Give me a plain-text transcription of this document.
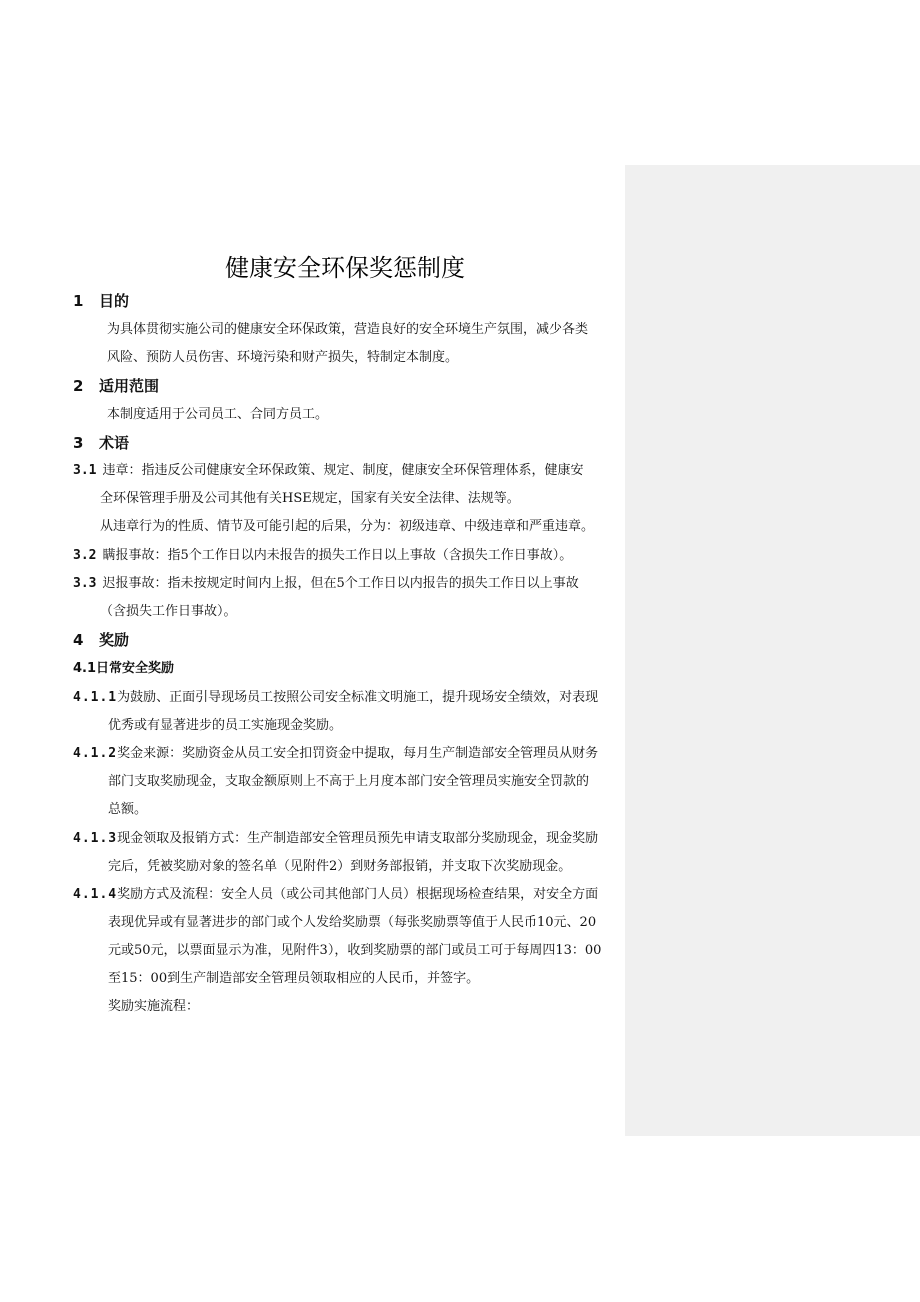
健康安全环保奖惩制度
1 目的
为具体贯彻实施公司的健康安全环保政策，营造良好的安全环境生产氛围，减少各类
风险、预防人员伤害、环境污染和财产损失，特制定本制度。
2 适用范围
本制度适用于公司员工、合同方员工。
3 术语
3.1 违章：指违反公司健康安全环保政策、规定、制度，健康安全环保管理体系，健康安
全环保管理手册及公司其他有关HSE规定，国家有关安全法律、法规等。
从违章行为的性质、情节及可能引起的后果，分为：初级违章、中级违章和严重违章。
3.2 瞒报事故：指5个工作日以内未报告的损失工作日以上事故（含损失工作日事故）。
3.3 迟报事故：指未按规定时间内上报，但在5个工作日以内报告的损失工作日以上事故
（含损失工作日事故）。
4 奖励
4.1日常安全奖励
4.1.1为鼓励、正面引导现场员工按照公司安全标准文明施工，提升现场安全绩效，对表现
优秀或有显著进步的员工实施现金奖励。
4.1.2奖金来源：奖励资金从员工安全扣罚资金中提取，每月生产制造部安全管理员从财务
部门支取奖励现金，支取金额原则上不高于上月度本部门安全管理员实施安全罚款的
总额。
4.1.3现金领取及报销方式：生产制造部安全管理员预先申请支取部分奖励现金，现金奖励
完后，凭被奖励对象的签名单（见附件2）到财务部报销，并支取下次奖励现金。
4.1.4奖励方式及流程：安全人员（或公司其他部门人员）根据现场检查结果，对安全方面
表现优异或有显著进步的部门或个人发给奖励票（每张奖励票等值于人民币10元、20
元或50元，以票面显示为准，见附件3），收到奖励票的部门或员工可于每周四13：00
至15：00到生产制造部安全管理员领取相应的人民币，并签字。
奖励实施流程：
